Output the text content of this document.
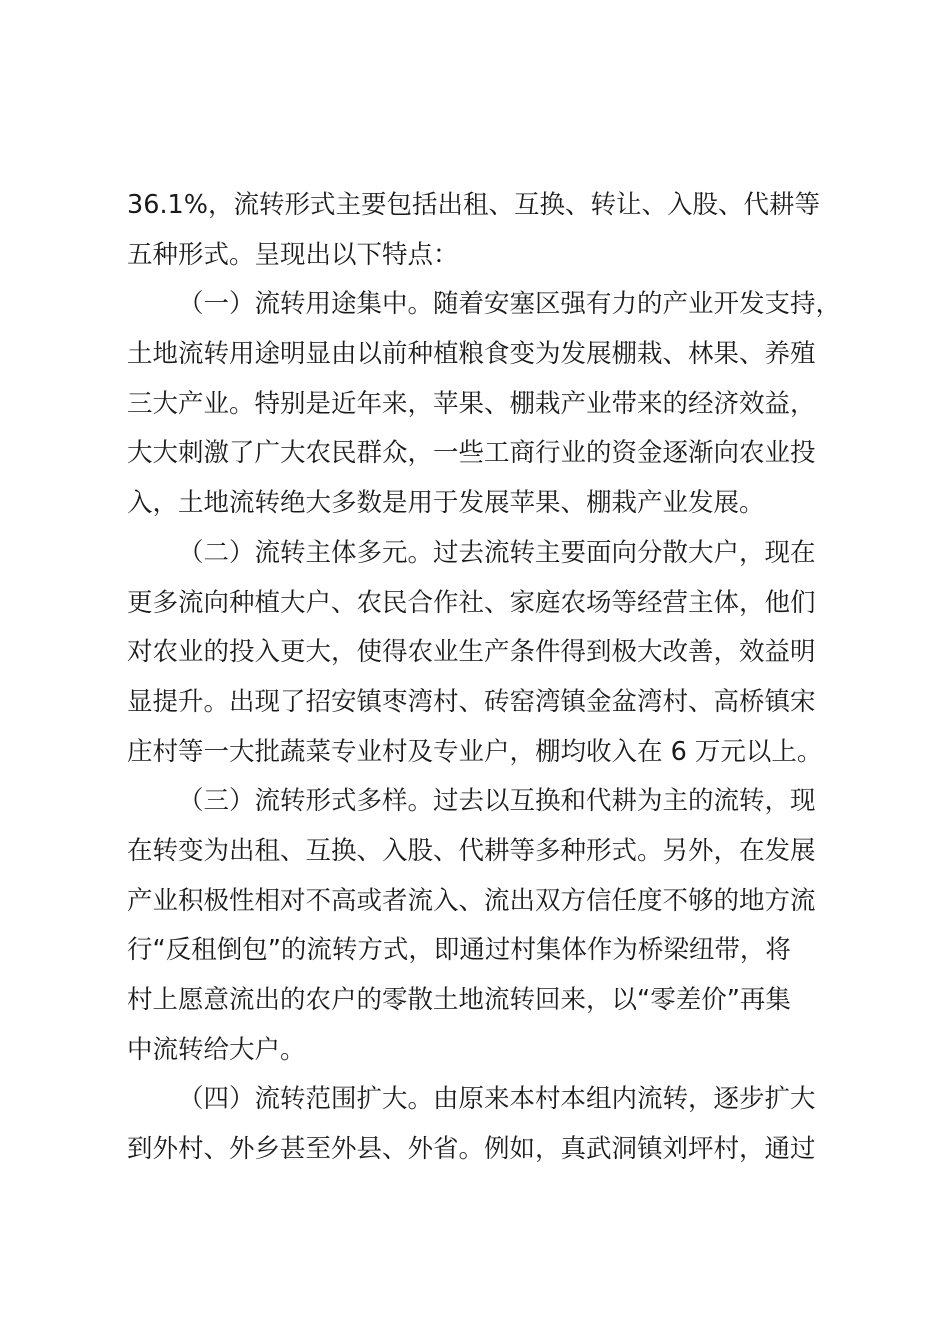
36.1%，流转形式主要包括出租、互换、转让、入股、代耕等
五种形式。呈现出以下特点：
（一）流转用途集中。随着安塞区强有力的产业开发支持，
土地流转用途明显由以前种植粮食变为发展棚栽、林果、养殖
三大产业。特别是近年来，苹果、棚栽产业带来的经济效益，
大大刺激了广大农民群众，一些工商行业的资金逐渐向农业投
入，土地流转绝大多数是用于发展苹果、棚栽产业发展。
（二）流转主体多元。过去流转主要面向分散大户，现在
更多流向种植大户、农民合作社、家庭农场等经营主体，他们
对农业的投入更大，使得农业生产条件得到极大改善，效益明
显提升。出现了招安镇枣湾村、砖窑湾镇金盆湾村、高桥镇宋
庄村等一大批蔬菜专业村及专业户，棚均收入在 6 万元以上。
（三）流转形式多样。过去以互换和代耕为主的流转，现
在转变为出租、互换、入股、代耕等多种形式。另外，在发展
产业积极性相对不高或者流入、流出双方信任度不够的地方流
行“反租倒包”的流转方式，即通过村集体作为桥梁纽带，将
村上愿意流出的农户的零散土地流转回来，以“零差价”再集
中流转给大户。
（四）流转范围扩大。由原来本村本组内流转，逐步扩大
到外村、外乡甚至外县、外省。例如，真武洞镇刘坪村，通过
